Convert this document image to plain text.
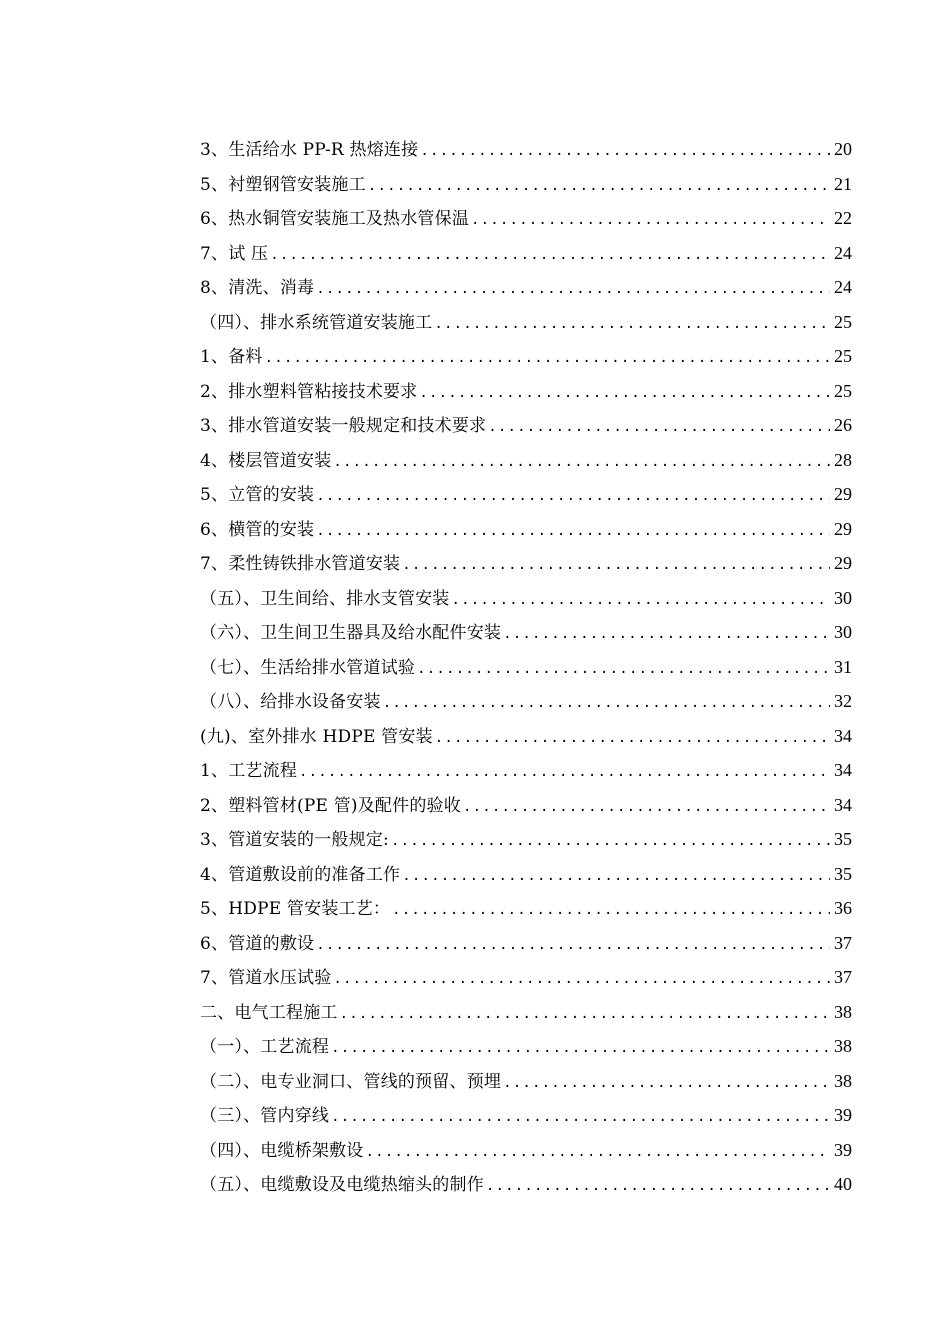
3、生活给水 PP-R 热熔连接 .....	20
5、衬塑钢管安装施工 .....	21
6、热水铜管安装施工及热水管保温 .....	22
7、试 压 .....	24
8、清洗、消毒 .....	24
（四）、排水系统管道安装施工 .....	25
1、备料 .....	25
2、排水塑料管粘接技术要求 .....	25
3、排水管道安装一般规定和技术要求 .....	26
4、楼层管道安装 .....	28
5、立管的安装 .....	29
6、横管的安装 .....	29
7、柔性铸铁排水管道安装 .....	29
（五）、卫生间给、排水支管安装 .....	30
（六）、卫生间卫生器具及给水配件安装 .....	30
（七）、生活给排水管道试验 .....	31
（八）、给排水设备安装 .....	32
(九)、室外排水 HDPE 管安装 .....	34
1、工艺流程 .....	34
2、塑料管材(PE 管)及配件的验收 .....	34
3、管道安装的一般规定: .....	35
4、管道敷设前的准备工作 .....	35
5、HDPE 管安装工艺： .....	36
6、管道的敷设 .....	37
7、管道水压试验 .....	37
二、电气工程施工 .....	38
（一）、工艺流程 .....	38
（二）、电专业洞口、管线的预留、预埋 .....	38
（三）、管内穿线 .....	39
（四）、电缆桥架敷设 .....	39
（五）、电缆敷设及电缆热缩头的制作 .....	40
